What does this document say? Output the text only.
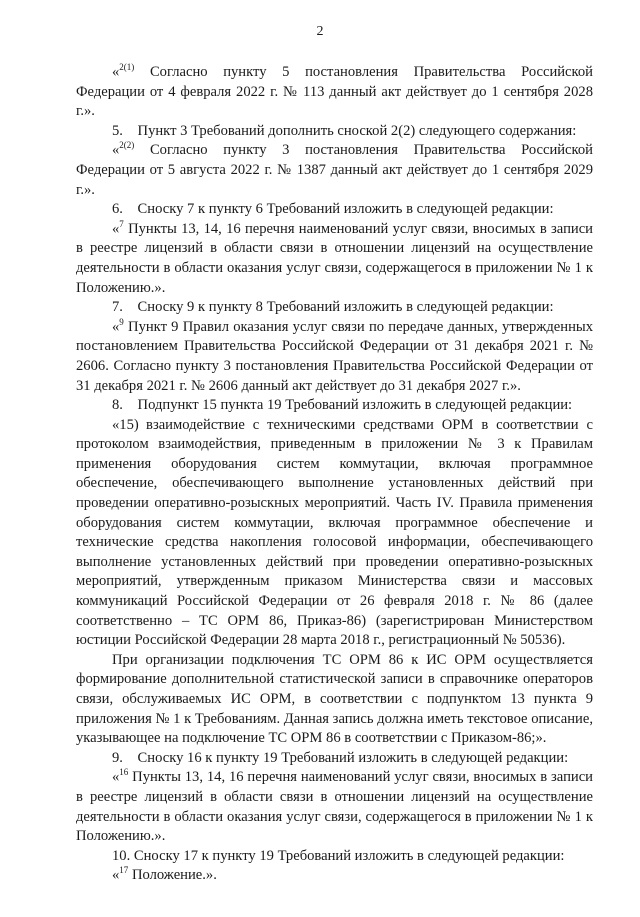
2

«$^{2(1)}$ Согласно пункту 5 постановления Правительства Российской Федерации от 4 февраля 2022 г. № 113 данный акт действует до 1 сентября 2028 г.».

5. Пункт 3 Требований дополнить сноской 2(2) следующего содержания:

«$^{2(2)}$ Согласно пункту 3 постановления Правительства Российской Федерации от 5 августа 2022 г. № 1387 данный акт действует до 1 сентября 2029 г.».

6. Сноску 7 к пункту 6 Требований изложить в следующей редакции:

«$^7$ Пункты 13, 14, 16 перечня наименований услуг связи, вносимых в записи в реестре лицензий в области связи в отношении лицензий на осуществление деятельности в области оказания услуг связи, содержащегося в приложении № 1 к Положению.».

7. Сноску 9 к пункту 8 Требований изложить в следующей редакции:

«$^9$ Пункт 9 Правил оказания услуг связи по передаче данных, утвержденных постановлением Правительства Российской Федерации от 31 декабря 2021 г. № 2606. Согласно пункту 3 постановления Правительства Российской Федерации от 31 декабря 2021 г. № 2606 данный акт действует до 31 декабря 2027 г.».

8. Подпункт 15 пункта 19 Требований изложить в следующей редакции:

«15) взаимодействие с техническими средствами ОРМ в соответствии с протоколом взаимодействия, приведенным в приложении № 3 к Правилам применения оборудования систем коммутации, включая программное обеспечение, обеспечивающего выполнение установленных действий при проведении оперативно-розыскных мероприятий. Часть IV. Правила применения оборудования систем коммутации, включая программное обеспечение и технические средства накопления голосовой информации, обеспечивающего выполнение установленных действий при проведении оперативно-розыскных мероприятий, утвержденным приказом Министерства связи и массовых коммуникаций Российской Федерации от 26 февраля 2018 г. № 86 (далее соответственно – ТС ОРМ 86, Приказ-86) (зарегистрирован Министерством юстиции Российской Федерации 28 марта 2018 г., регистрационный № 50536).

При организации подключения ТС ОРМ 86 к ИС ОРМ осуществляется формирование дополнительной статистической записи в справочнике операторов связи, обслуживаемых ИС ОРМ, в соответствии с подпунктом 13 пункта 9 приложения № 1 к Требованиям. Данная запись должна иметь текстовое описание, указывающее на подключение ТС ОРМ 86 в соответствии с Приказом-86;».

9. Сноску 16 к пункту 19 Требований изложить в следующей редакции:

«$^{16}$ Пункты 13, 14, 16 перечня наименований услуг связи, вносимых в записи в реестре лицензий в области связи в отношении лицензий на осуществление деятельности в области оказания услуг связи, содержащегося в приложении № 1 к Положению.».

10. Сноску 17 к пункту 19 Требований изложить в следующей редакции:

«$^{17}$ Положение.».
